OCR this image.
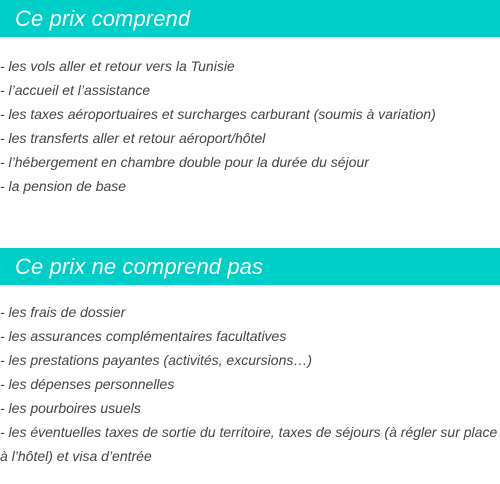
Ce prix comprend
- les vols aller et retour vers la Tunisie
- l’accueil et l’assistance
- les taxes aéroportuaires et surcharges carburant (soumis à variation)
- les transferts aller et retour aéroport/hôtel
- l’hébergement en chambre double pour la durée du séjour
- la pension de base
Ce prix ne comprend pas
- les frais de dossier
- les assurances complémentaires facultatives
- les prestations payantes (activités, excursions…)
- les dépenses personnelles
- les pourboires usuels
- les éventuelles taxes de sortie du territoire, taxes de séjours (à régler sur place à l’hôtel) et visa d’entrée
